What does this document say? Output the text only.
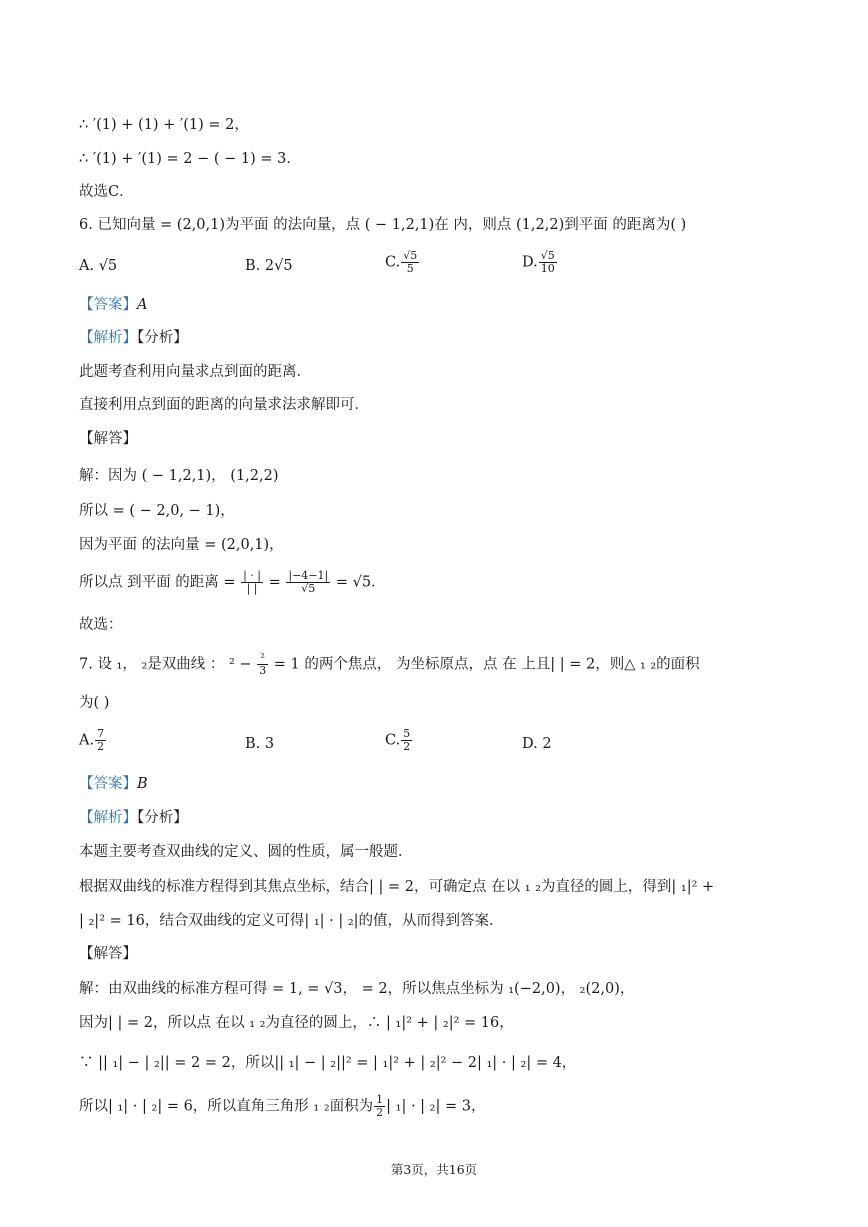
∴ ′(1) + (1) + ′(1) = 2，
∴ ′(1) + ′(1) = 2 − ( − 1) = 3．
故选C．
6. 已知向量 = (2,0,1)为平面 的法向量，点 ( − 1,2,1)在 内，则点 (1,2,2)到平面 的距离为( )
A. √5	B. 2√5	C. $\frac{√5}{5}$	D. $\frac{√5}{10}$
【答案】A
【解析】【分析】
此题考查利用向量求点到面的距离．
直接利用点到面的距离的向量求法求解即可．
【解答】
解：因为 ( − 1,2,1)， (1,2,2)
所以 = ( − 2,0, − 1)，
因为平面 的法向量 = (2,0,1)，
所以点 到平面 的距离 = $\frac{| \cdot |}{| |} = \frac{|-4-1|}{√5} = √5$．
故选：
7. 设 ₁， ₂是双曲线 ： $^2 - \frac{\text{²}}{3} = 1$ 的两个焦点， 为坐标原点，点 在 上且| | = 2，则△ ₁ ₂的面积
为( )
A. $\frac{7}{2}$	B. 3	C. $\frac{5}{2}$	D. 2
【答案】B
【解析】【分析】
本题主要考查双曲线的定义、圆的性质，属一般题．
根据双曲线的标准方程得到其焦点坐标，结合| | = 2，可确定点 在以 ₁ ₂为直径的圆上，得到| ₁|² +
| ₂|² = 16，结合双曲线的定义可得| ₁| · | ₂|的值，从而得到答案．
【解答】
解：由双曲线的标准方程可得 = 1, = √3， = 2，所以焦点坐标为 ₁(−2,0)， ₂(2,0)，
因为| | = 2，所以点 在以 ₁ ₂为直径的圆上，∴ | ₁|² + | ₂|² = 16，
∵ || ₁| − | ₂|| = 2 = 2，所以|| ₁| − | ₂||² = | ₁|² + | ₂|² − 2| ₁| · | ₂| = 4，
所以| ₁| · | ₂| = 6，所以直角三角形 ₁ ₂面积为 $\frac{1}{2}$ | ₁| · | ₂| = 3，
第3页，共16页
